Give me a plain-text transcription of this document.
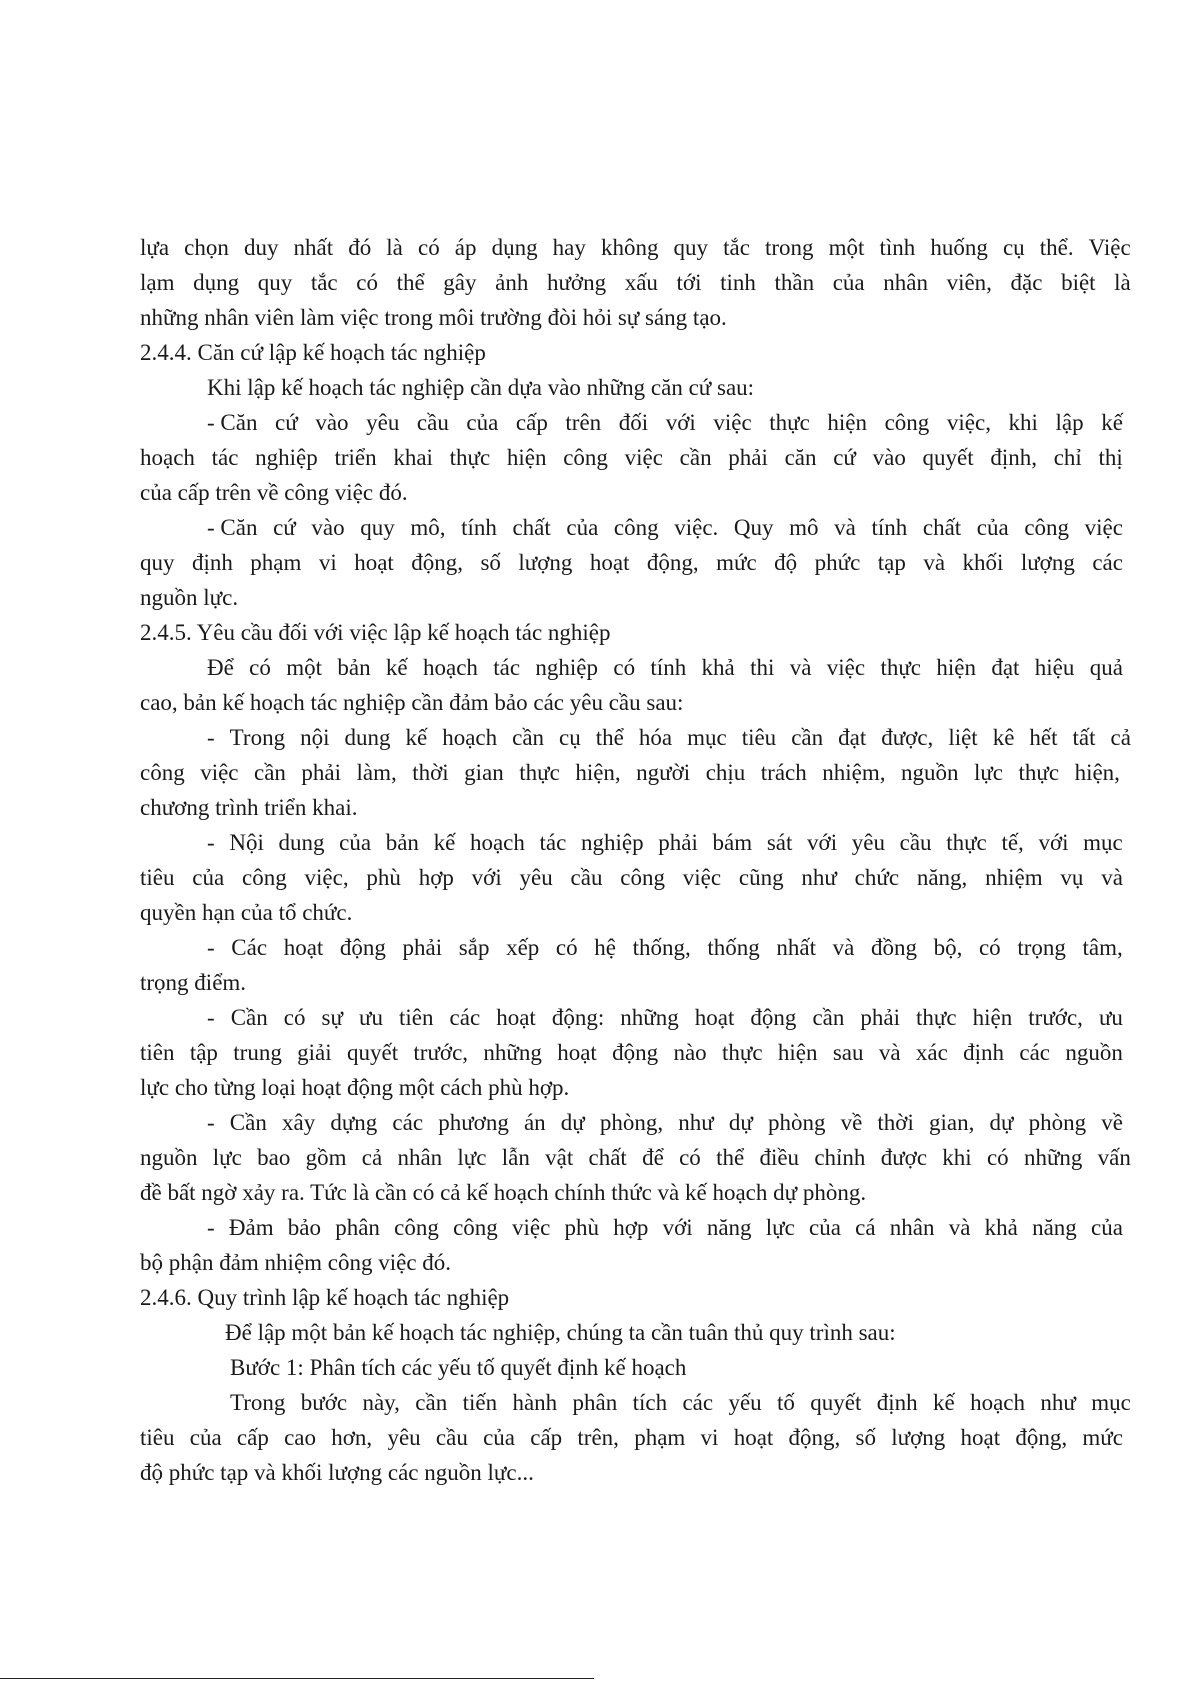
lựa chọn duy nhất đó là có áp dụng hay không quy tắc trong một tình huống cụ thể. Việc
lạm dụng quy tắc có thể gây ảnh hưởng xấu tới tinh thần của nhân viên, đặc biệt là
những nhân viên làm việc trong môi trường đòi hỏi sự sáng tạo.
2.4.4. Căn cứ lập kế hoạch tác nghiệp
Khi lập kế hoạch tác nghiệp cần dựa vào những căn cứ sau:
- Căn cứ vào yêu cầu của cấp trên đối với việc thực hiện công việc, khi lập kế
hoạch tác nghiệp triển khai thực hiện công việc cần phải căn cứ vào quyết định, chỉ thị
của cấp trên về công việc đó.
- Căn cứ vào quy mô, tính chất của công việc. Quy mô và tính chất của công việc
quy định phạm vi hoạt động, số lượng hoạt động, mức độ phức tạp và khối lượng các
nguồn lực.
2.4.5. Yêu cầu đối với việc lập kế hoạch tác nghiệp
Để có một bản kế hoạch tác nghiệp có tính khả thi và việc thực hiện đạt hiệu quả
cao, bản kế hoạch tác nghiệp cần đảm bảo các yêu cầu sau:
- Trong nội dung kế hoạch cần cụ thể hóa mục tiêu cần đạt được, liệt kê hết tất cả
công việc cần phải làm, thời gian thực hiện, người chịu trách nhiệm, nguồn lực thực hiện,
chương trình triển khai.
- Nội dung của bản kế hoạch tác nghiệp phải bám sát với yêu cầu thực tế, với mục
tiêu của công việc, phù hợp với yêu cầu công việc cũng như chức năng, nhiệm vụ và
quyền hạn của tổ chức.
- Các hoạt động phải sắp xếp có hệ thống, thống nhất và đồng bộ, có trọng tâm,
trọng điểm.
- Cần có sự ưu tiên các hoạt động: những hoạt động cần phải thực hiện trước, ưu
tiên tập trung giải quyết trước, những hoạt động nào thực hiện sau và xác định các nguồn
lực cho từng loại hoạt động một cách phù hợp.
- Cần xây dựng các phương án dự phòng, như dự phòng về thời gian, dự phòng về
nguồn lực bao gồm cả nhân lực lẫn vật chất để có thể điều chỉnh được khi có những vấn
đề bất ngờ xảy ra. Tức là cần có cả kế hoạch chính thức và kế hoạch dự phòng.
- Đảm bảo phân công công việc phù hợp với năng lực của cá nhân và khả năng của
bộ phận đảm nhiệm công việc đó.
2.4.6. Quy trình lập kế hoạch tác nghiệp
Để lập một bản kế hoạch tác nghiệp, chúng ta cần tuân thủ quy trình sau:
Bước 1: Phân tích các yếu tố quyết định kế hoạch
Trong bước này, cần tiến hành phân tích các yếu tố quyết định kế hoạch như mục
tiêu của cấp cao hơn, yêu cầu của cấp trên, phạm vi hoạt động, số lượng hoạt động, mức
độ phức tạp và khối lượng các nguồn lực...
